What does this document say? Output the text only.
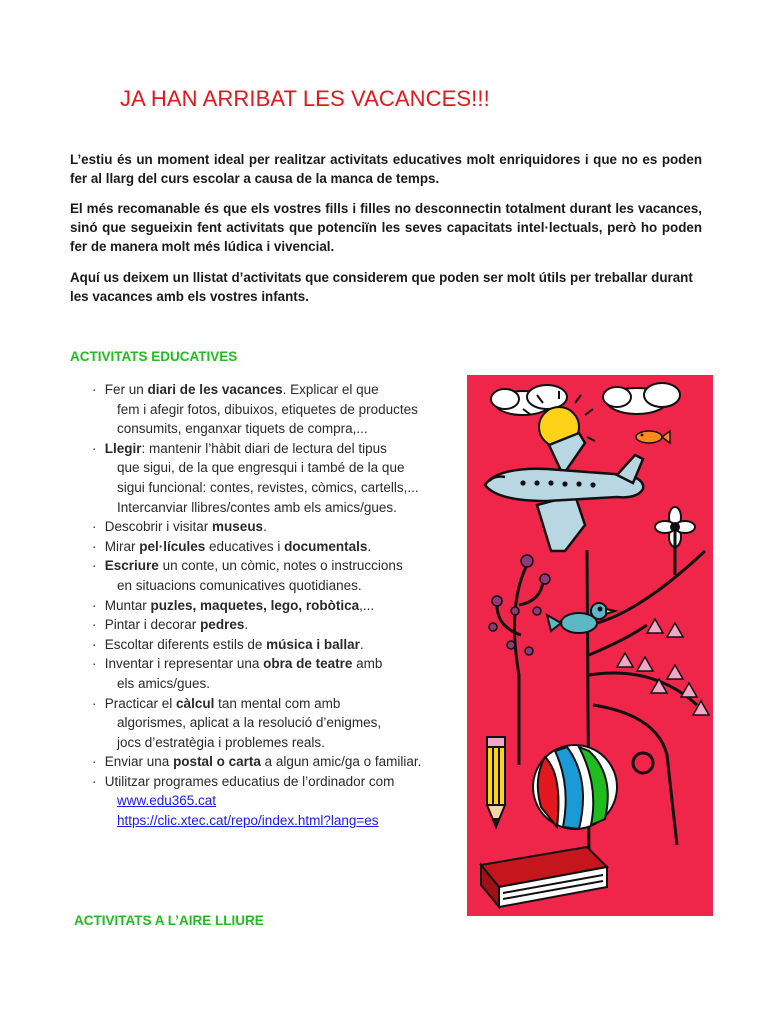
JA HAN ARRIBAT LES VACANCES!!!

L’estiu és un moment ideal per realitzar activitats educatives molt enriquidores i que no es poden fer al llarg del curs escolar a causa de la manca de temps.

El més recomanable és que els vostres fills i filles no desconnectin totalment durant les vacances, sinó que segueixin fent activitats que potenciïn les seves capacitats intel·lectuals, però ho poden fer de manera molt més lúdica i vivencial.

Aquí us deixem un llistat d’activitats que considerem que poden ser molt útils per treballar durant les vacances amb els vostres infants.

ACTIVITATS EDUCATIVES
· Fer un diari de les vacances. Explicar el que
fem i afegir fotos, dibuixos, etiquetes de productes
consumits, enganxar tiquets de compra,...
· Llegir: mantenir l’hàbit diari de lectura del tipus
que sigui, de la que engresqui i també de la que
sigui funcional: contes, revistes, còmics, cartells,...
Intercanviar llibres/contes amb els amics/gues.
· Descobrir i visitar museus.
· Mirar pel·lícules educatives i documentals.
· Escriure un conte, un còmic, notes o instruccions
en situacions comunicatives quotidianes.
· Muntar puzles, maquetes, lego, robòtica,...
· Pintar i decorar pedres.
· Escoltar diferents estils de música i ballar.
· Inventar i representar una obra de teatre amb
els amics/gues.
· Practicar el càlcul tan mental com amb
algorismes, aplicat a la resolució d’enigmes,
jocs d’estratègia i problemes reals.
· Enviar una postal o carta a algun amic/ga o familiar.
· Utilitzar programes educatius de l’ordinador com
www.edu365.cat
https://clic.xtec.cat/repo/index.html?lang=es
ACTIVITATS A L’AIRE LLIURE
